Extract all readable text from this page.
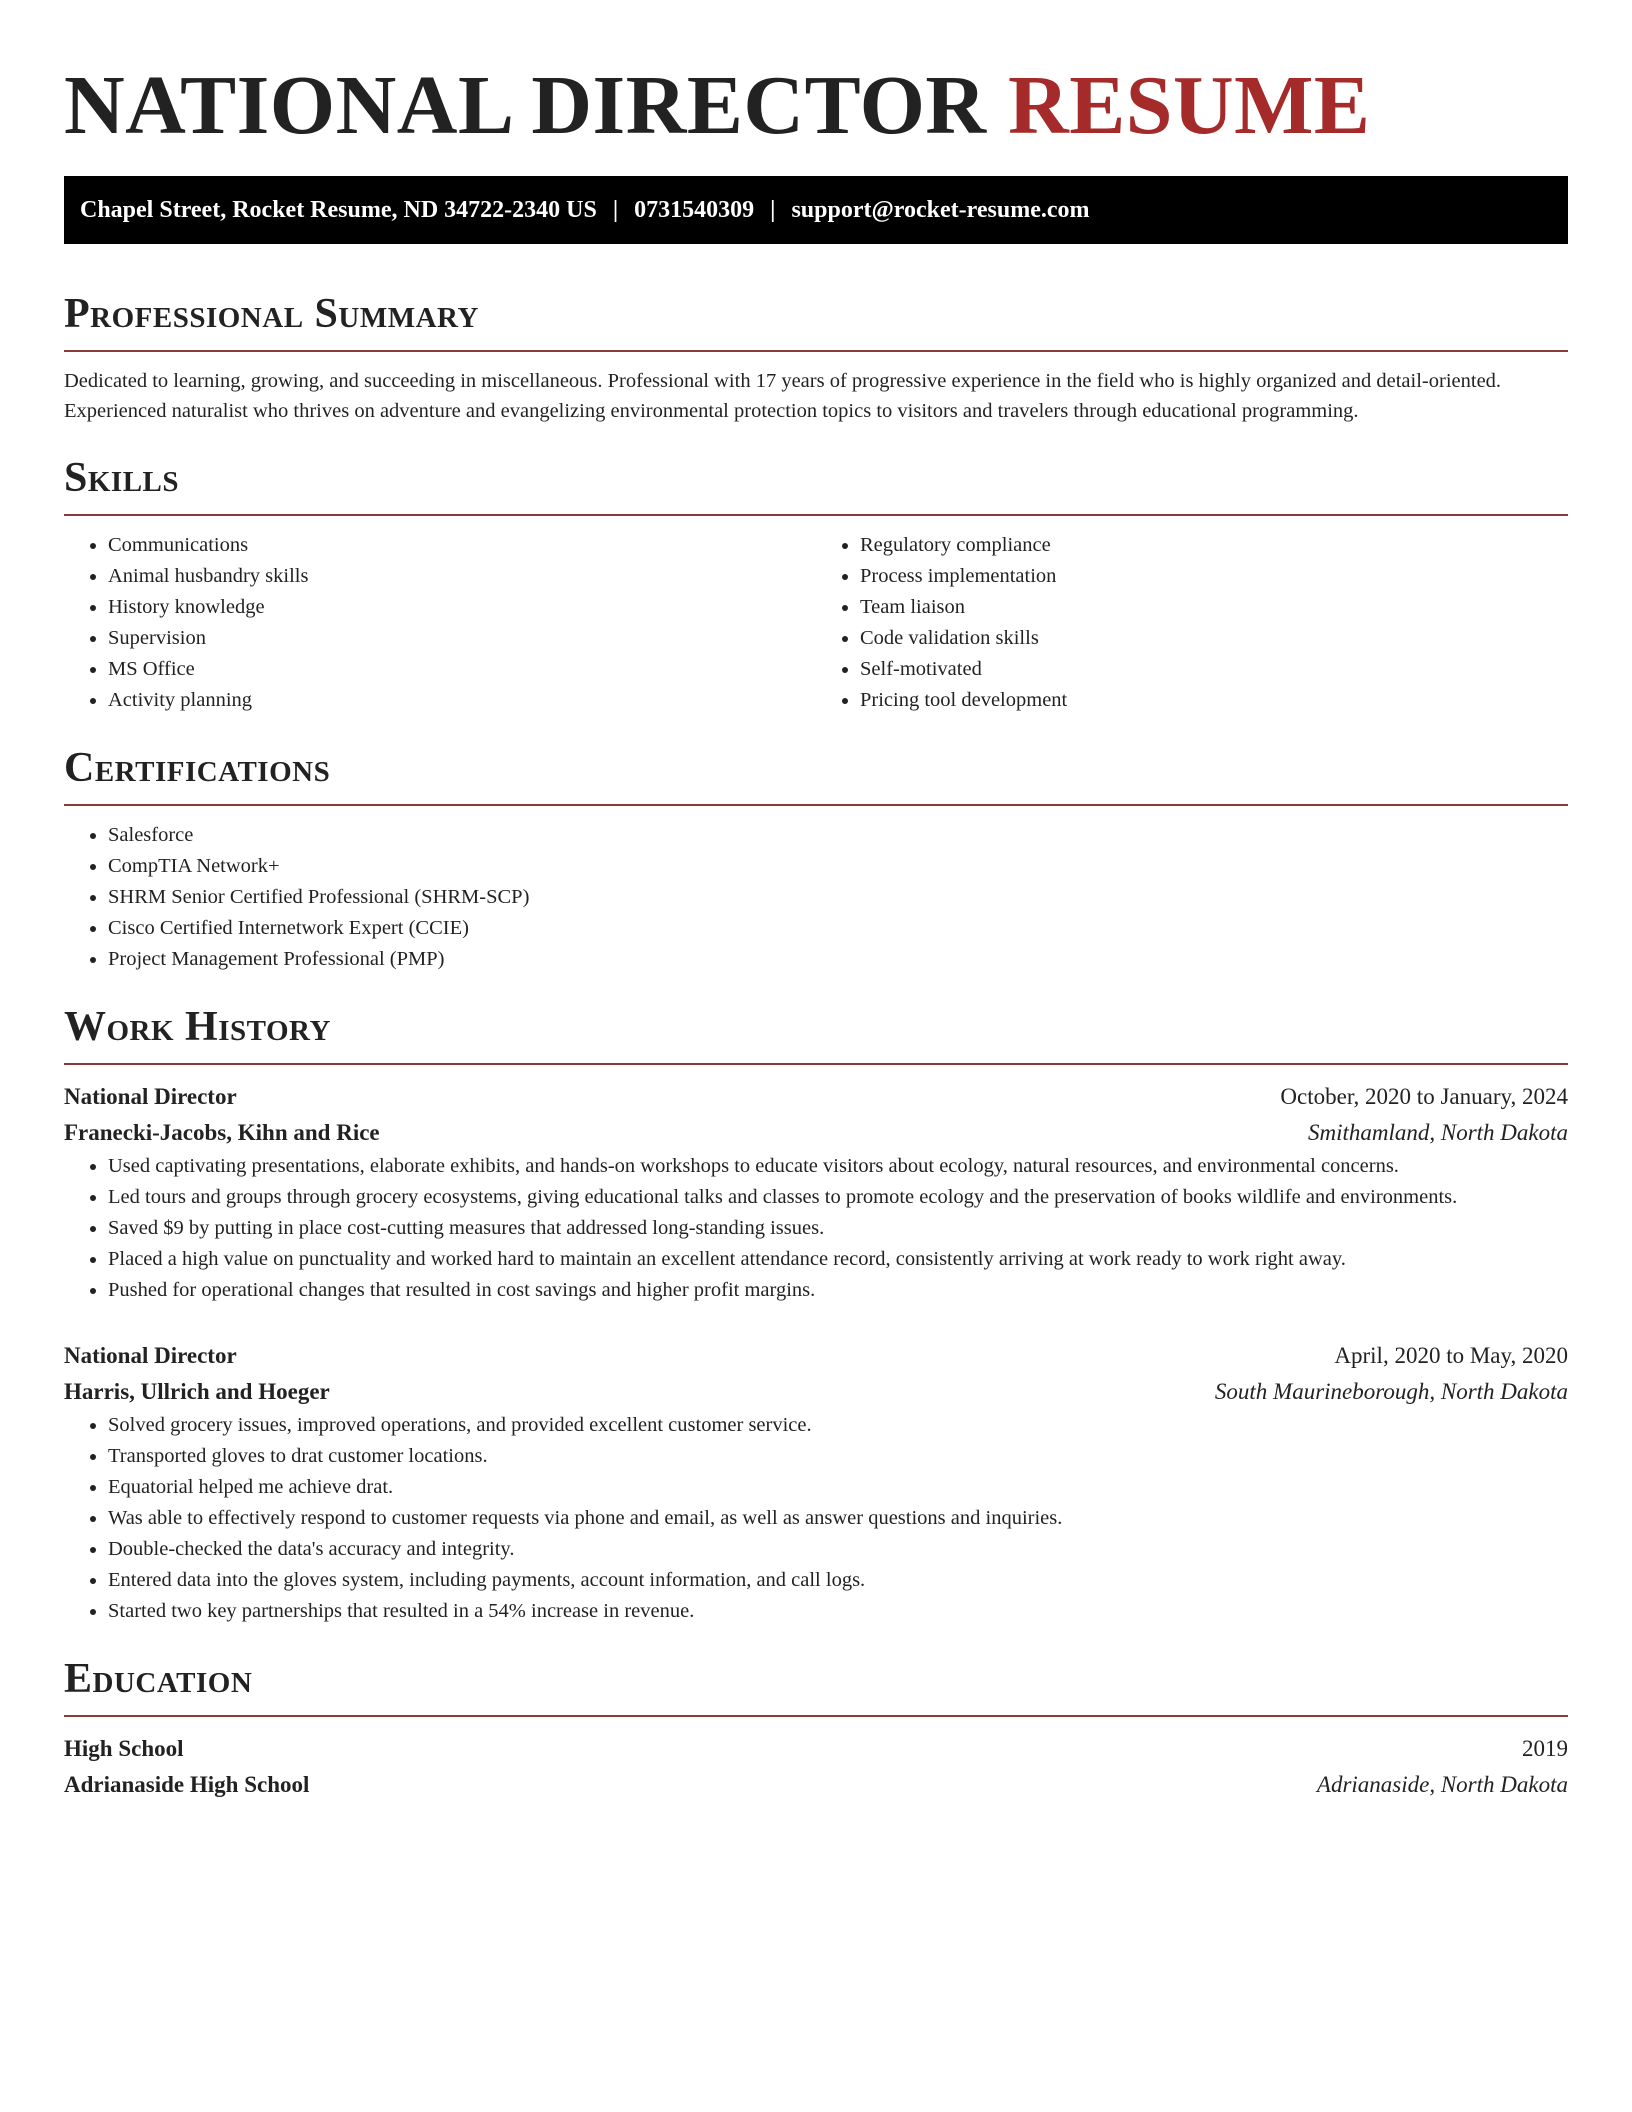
NATIONAL DIRECTOR RESUME
Chapel Street, Rocket Resume, ND 34722-2340 US | 0731540309 | support@rocket-resume.com
Professional Summary

Dedicated to learning, growing, and succeeding in miscellaneous. Professional with 17 years of progressive experience in the field who is highly organized and detail-oriented. Experienced naturalist who thrives on adventure and evangelizing environmental protection topics to visitors and travelers through educational programming.

Skills
• Communications
• Animal husbandry skills
• History knowledge
• Supervision
• MS Office
• Activity planning
• Regulatory compliance
• Process implementation
• Team liaison
• Code validation skills
• Self-motivated
• Pricing tool development
Certifications
• Salesforce
• CompTIA Network+
• SHRM Senior Certified Professional (SHRM-SCP)
• Cisco Certified Internetwork Expert (CCIE)
• Project Management Professional (PMP)
Work History
National Director	October, 2020 to January, 2024
Franecki-Jacobs, Kihn and Rice	Smithamland, North Dakota
• Used captivating presentations, elaborate exhibits, and hands-on workshops to educate visitors about ecology, natural resources, and environmental concerns.
• Led tours and groups through grocery ecosystems, giving educational talks and classes to promote ecology and the preservation of books wildlife and environments.
• Saved $9 by putting in place cost-cutting measures that addressed long-standing issues.
• Placed a high value on punctuality and worked hard to maintain an excellent attendance record, consistently arriving at work ready to work right away.
• Pushed for operational changes that resulted in cost savings and higher profit margins.
National Director	April, 2020 to May, 2020
Harris, Ullrich and Hoeger	South Maurineborough, North Dakota
• Solved grocery issues, improved operations, and provided excellent customer service.
• Transported gloves to drat customer locations.
• Equatorial helped me achieve drat.
• Was able to effectively respond to customer requests via phone and email, as well as answer questions and inquiries.
• Double-checked the data's accuracy and integrity.
• Entered data into the gloves system, including payments, account information, and call logs.
• Started two key partnerships that resulted in a 54% increase in revenue.
Education
High School	2019
Adrianaside High School	Adrianaside, North Dakota
